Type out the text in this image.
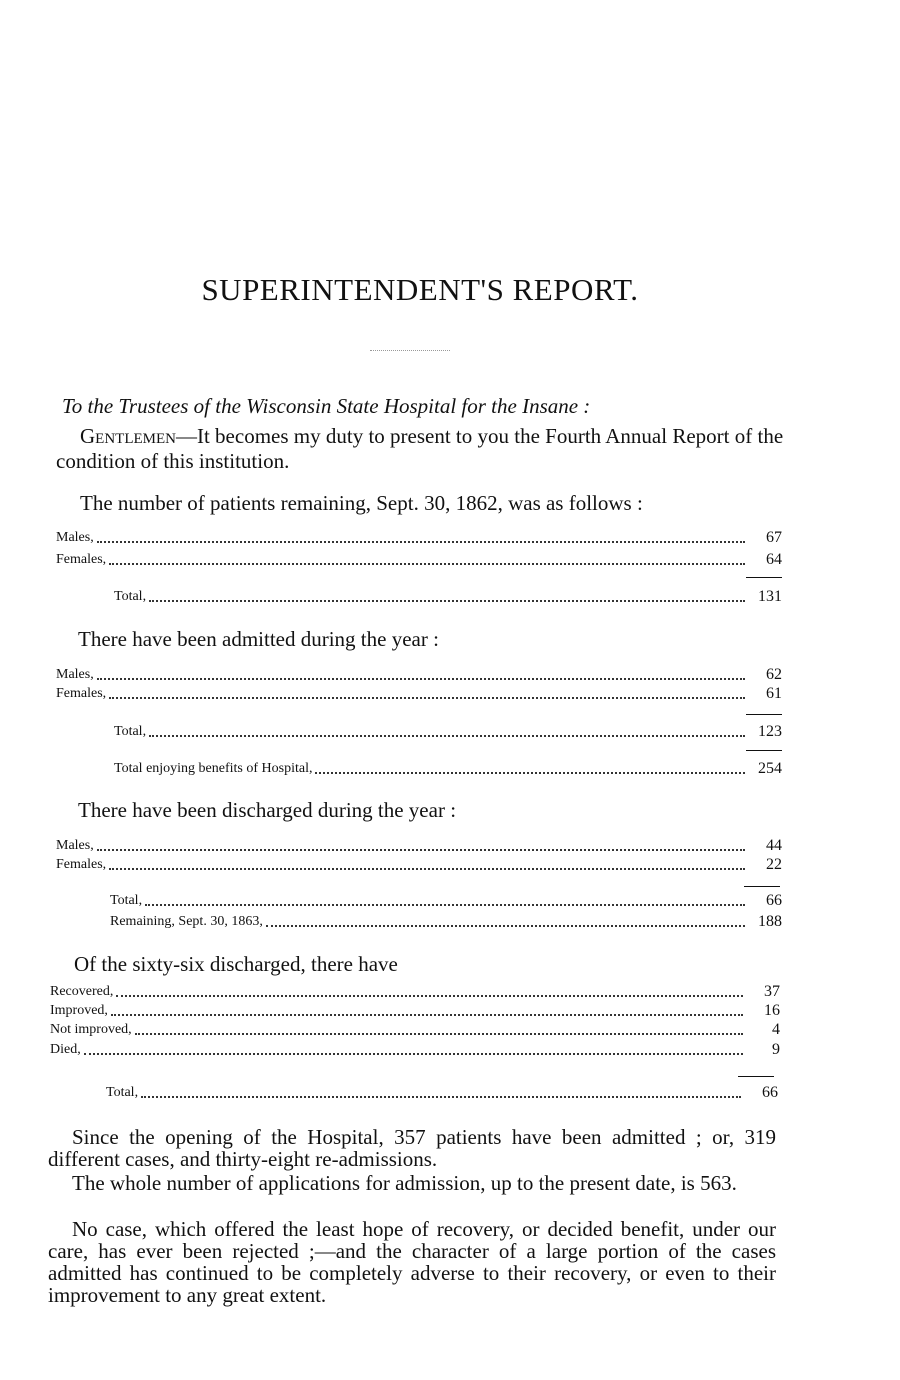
SUPERINTENDENT'S REPORT.
To the Trustees of the Wisconsin State Hospital for the Insane :
Gentlemen—It becomes my duty to present to you the Fourth Annual Report of the condition of this institution.
The number of patients remaining, Sept. 30, 1862, was as follows :
Males,	67
Females,	64
Total,	131
There have been admitted during the year :
Males,	62
Females,	61
Total,	123
Total enjoying benefits of Hospital,	254
There have been discharged during the year :
Males,	44
Females,	22
Total,	66
Remaining, Sept. 30, 1863,	188
Of the sixty-six discharged, there have
Recovered,	37
Improved,	16
Not improved,	4
Died,	9
Total,	66
Since the opening of the Hospital, 357 patients have been admitted ; or, 319 different cases, and thirty-eight re-admissions.
The whole number of applications for admission, up to the present date, is 563.
No case, which offered the least hope of recovery, or decided benefit, under our care, has ever been rejected ;—and the character of a large portion of the cases admitted has continued to be completely adverse to their recovery, or even to their improvement to any great extent.
